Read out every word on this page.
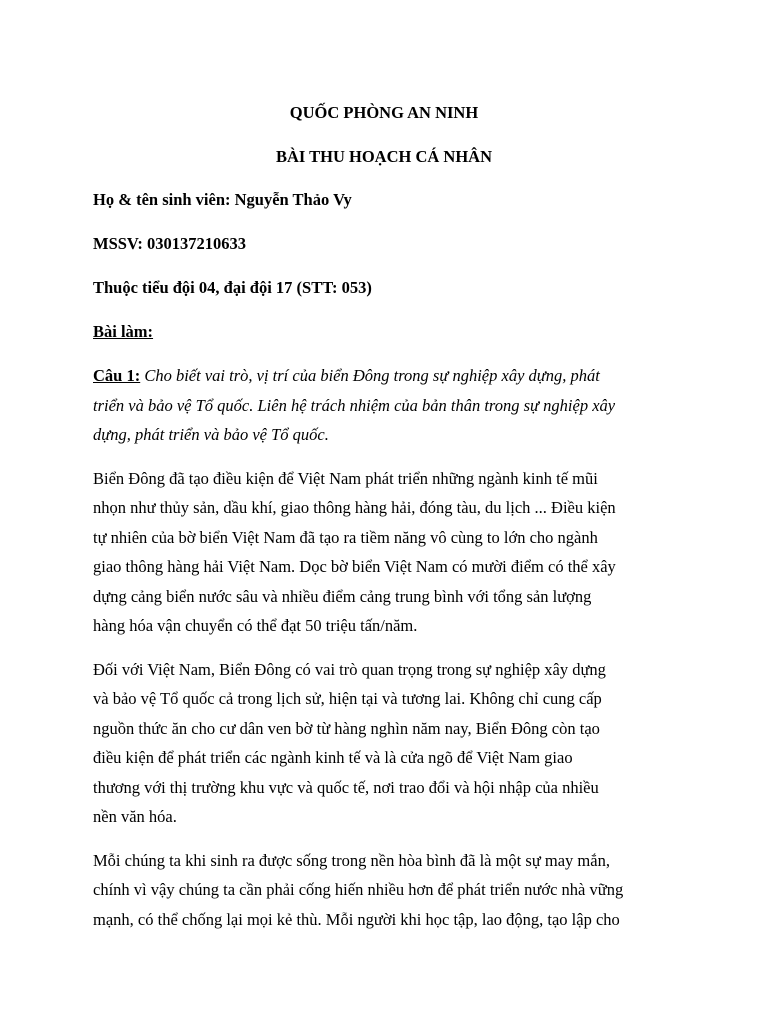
QUỐC PHÒNG AN NINH
BÀI THU HOẠCH CÁ NHÂN
Họ & tên sinh viên: Nguyễn Thảo Vy
MSSV: 030137210633
Thuộc tiểu đội 04, đại đội 17 (STT: 053)
Bài làm:
Câu 1: Cho biết vai trò, vị trí của biển Đông trong sự nghiệp xây dựng, phát
triển và bảo vệ Tổ quốc. Liên hệ trách nhiệm của bản thân trong sự nghiệp xây
dựng, phát triển và bảo vệ Tổ quốc.
Biển Đông đã tạo điều kiện để Việt Nam phát triển những ngành kinh tế mũi
nhọn như thủy sản, dầu khí, giao thông hàng hải, đóng tàu, du lịch ... Điều kiện
tự nhiên của bờ biển Việt Nam đã tạo ra tiềm năng vô cùng to lớn cho ngành
giao thông hàng hải Việt Nam. Dọc bờ biển Việt Nam có mười điểm có thể xây
dựng cảng biển nước sâu và nhiều điểm cảng trung bình với tổng sản lượng
hàng hóa vận chuyển có thể đạt 50 triệu tấn/năm.
Đối với Việt Nam, Biển Đông có vai trò quan trọng trong sự nghiệp xây dựng
và bảo vệ Tổ quốc cả trong lịch sử, hiện tại và tương lai. Không chỉ cung cấp
nguồn thức ăn cho cư dân ven bờ từ hàng nghìn năm nay, Biển Đông còn tạo
điều kiện để phát triển các ngành kinh tế và là cửa ngõ để Việt Nam giao
thương với thị trường khu vực và quốc tế, nơi trao đổi và hội nhập của nhiều
nền văn hóa.
Mỗi chúng ta khi sinh ra được sống trong nền hòa bình đã là một sự may mắn,
chính vì vậy chúng ta cần phải cống hiến nhiều hơn để phát triển nước nhà vững
mạnh, có thể chống lại mọi kẻ thù. Mỗi người khi học tập, lao động, tạo lập cho
